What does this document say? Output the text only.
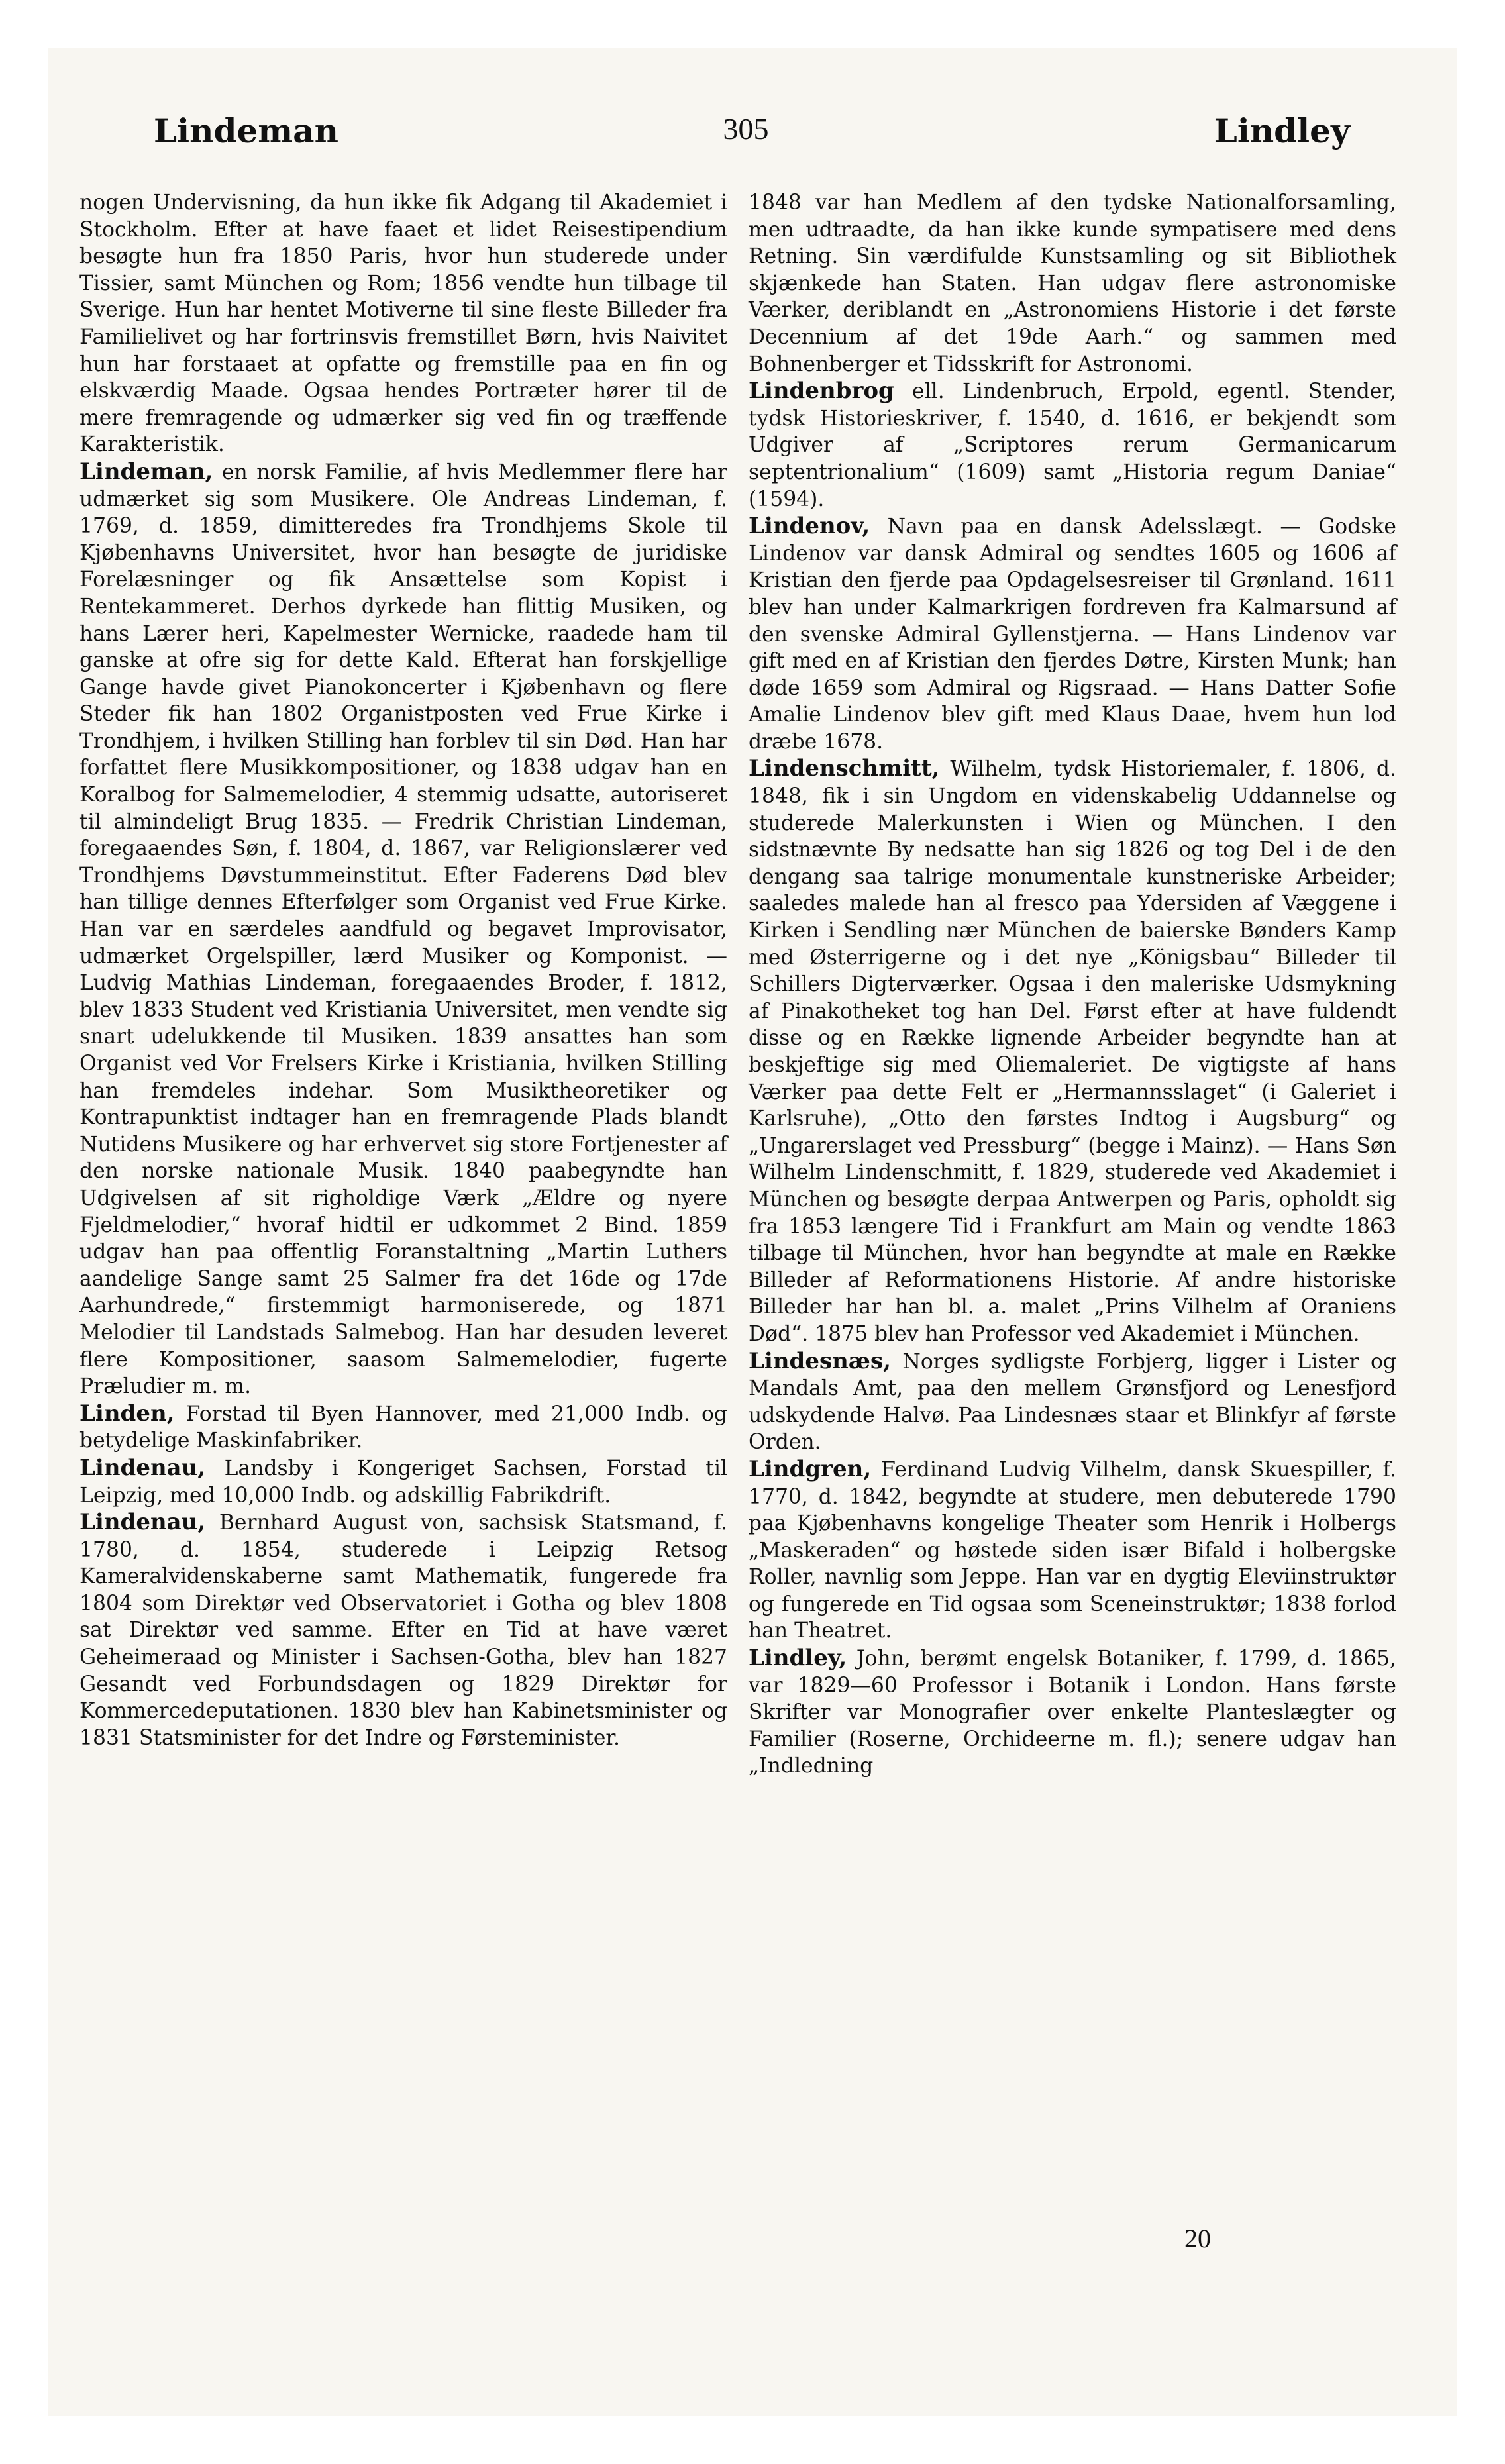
Lindeman	305	Lindley

nogen Undervisning, da hun ikke fik Adgang til Akademiet i Stockholm. Efter at have faaet et lidet Reisestipendium besøgte hun fra 1850 Paris, hvor hun studerede under Tissier, samt München og Rom; 1856 vendte hun tilbage til Sverige. Hun har hentet Motiverne til sine fleste Billeder fra Familielivet og har fortrinsvis fremstillet Børn, hvis Naivitet hun har forstaaet at opfatte og fremstille paa en fin og elskværdig Maade. Ogsaa hendes Portræter hører til de mere fremragende og udmærker sig ved fin og træffende Karakteristik.

Lindeman, en norsk Familie, af hvis Medlemmer flere har udmærket sig som Musikere. Ole Andreas Lindeman, f. 1769, d. 1859, dimitteredes fra Trondhjems Skole til Kjøbenhavns Universitet, hvor han besøgte de juridiske Forelæsninger og fik Ansættelse som Kopist i Rentekammeret. Derhos dyrkede han flittig Musiken, og hans Lærer heri, Kapelmester Wernicke, raadede ham til ganske at ofre sig for dette Kald. Efterat han forskjellige Gange havde givet Pianokoncerter i Kjøbenhavn og flere Steder fik han 1802 Organistposten ved Frue Kirke i Trondhjem, i hvilken Stilling han forblev til sin Død. Han har forfattet flere Musikkompositioner, og 1838 udgav han en Koralbog for Salmemelodier, 4 stemmig udsatte, autoriseret til almindeligt Brug 1835. — Fredrik Christian Lindeman, foregaaendes Søn, f. 1804, d. 1867, var Religionslærer ved Trondhjems Døvstummeinstitut. Efter Faderens Død blev han tillige dennes Efterfølger som Organist ved Frue Kirke. Han var en særdeles aandfuld og begavet Improvisator, udmærket Orgelspiller, lærd Musiker og Komponist. — Ludvig Mathias Lindeman, foregaaendes Broder, f. 1812, blev 1833 Student ved Kristiania Universitet, men vendte sig snart udelukkende til Musiken. 1839 ansattes han som Organist ved Vor Frelsers Kirke i Kristiania, hvilken Stilling han fremdeles indehar. Som Musiktheoretiker og Kontrapunktist indtager han en fremragende Plads blandt Nutidens Musikere og har erhvervet sig store Fortjenester af den norske nationale Musik. 1840 paabegyndte han Udgivelsen af sit righoldige Værk „Ældre og nyere Fjeldmelodier,“ hvoraf hidtil er udkommet 2 Bind. 1859 udgav han paa offentlig Foranstaltning „Martin Luthers aandelige Sange samt 25 Salmer fra det 16de og 17de Aarhundrede,“ firstemmigt harmoniserede, og 1871 Melodier til Landstads Salmebog. Han har desuden leveret flere Kompositioner, saasom Salmemelodier, fugerte Præludier m. m.

Linden, Forstad til Byen Hannover, med 21,000 Indb. og betydelige Maskinfabriker.

Lindenau, Landsby i Kongeriget Sachsen, Forstad til Leipzig, med 10,000 Indb. og adskillig Fabrikdrift.

Lindenau, Bernhard August von, sachsisk Statsmand, f. 1780, d. 1854, studerede i Leipzig Retsog Kameralvidenskaberne samt Mathematik, fungerede fra 1804 som Direktør ved Observatoriet i Gotha og blev 1808 sat Direktør ved samme. Efter en Tid at have været Geheimeraad og Minister i Sachsen-Gotha, blev han 1827 Gesandt ved Forbundsdagen og 1829 Direktør for Kommercedeputationen. 1830 blev han Kabinetsminister og 1831 Statsminister for det Indre og Førsteminister.

1848 var han Medlem af den tydske Nationalforsamling, men udtraadte, da han ikke kunde sympatisere med dens Retning. Sin værdifulde Kunstsamling og sit Bibliothek skjænkede han Staten. Han udgav flere astronomiske Værker, deriblandt en „Astronomiens Historie i det første Decennium af det 19de Aarh.“ og sammen med Bohnenberger et Tidsskrift for Astronomi.

Lindenbrog ell. Lindenbruch, Erpold, egentl. Stender, tydsk Historieskriver, f. 1540, d. 1616, er bekjendt som Udgiver af „Scriptores rerum Germanicarum septentrionalium“ (1609) samt „Historia regum Daniae“ (1594).

Lindenov, Navn paa en dansk Adelsslægt. — Godske Lindenov var dansk Admiral og sendtes 1605 og 1606 af Kristian den fjerde paa Opdagelsesreiser til Grønland. 1611 blev han under Kalmarkrigen fordreven fra Kalmarsund af den svenske Admiral Gyllenstjerna. — Hans Lindenov var gift med en af Kristian den fjerdes Døtre, Kirsten Munk; han døde 1659 som Admiral og Rigsraad. — Hans Datter Sofie Amalie Lindenov blev gift med Klaus Daae, hvem hun lod dræbe 1678.

Lindenschmitt, Wilhelm, tydsk Historiemaler, f. 1806, d. 1848, fik i sin Ungdom en videnskabelig Uddannelse og studerede Malerkunsten i Wien og München. I den sidstnævnte By nedsatte han sig 1826 og tog Del i de den dengang saa talrige monumentale kunstneriske Arbeider; saaledes malede han al fresco paa Ydersiden af Væggene i Kirken i Sendling nær München de baierske Bønders Kamp med Østerrigerne og i det nye „Königsbau“ Billeder til Schillers Digterværker. Ogsaa i den maleriske Udsmykning af Pinakotheket tog han Del. Først efter at have fuldendt disse og en Række lignende Arbeider begyndte han at beskjeftige sig med Oliemaleriet. De vigtigste af hans Værker paa dette Felt er „Hermannsslaget“ (i Galeriet i Karlsruhe), „Otto den førstes Indtog i Augsburg“ og „Ungarerslaget ved Pressburg“ (begge i Mainz). — Hans Søn Wilhelm Lindenschmitt, f. 1829, studerede ved Akademiet i München og besøgte derpaa Antwerpen og Paris, opholdt sig fra 1853 længere Tid i Frankfurt am Main og vendte 1863 tilbage til München, hvor han begyndte at male en Række Billeder af Reformationens Historie. Af andre historiske Billeder har han bl. a. malet „Prins Vilhelm af Oraniens Død“. 1875 blev han Professor ved Akademiet i München.

Lindesnæs, Norges sydligste Forbjerg, ligger i Lister og Mandals Amt, paa den mellem Grønsfjord og Lenesfjord udskydende Halvø. Paa Lindesnæs staar et Blinkfyr af første Orden.

Lindgren, Ferdinand Ludvig Vilhelm, dansk Skuespiller, f. 1770, d. 1842, begyndte at studere, men debuterede 1790 paa Kjøbenhavns kongelige Theater som Henrik i Holbergs „Maskeraden“ og høstede siden især Bifald i holbergske Roller, navnlig som Jeppe. Han var en dygtig Eleviinstruktør og fungerede en Tid ogsaa som Sceneinstruktør; 1838 forlod han Theatret.

Lindley, John, berømt engelsk Botaniker, f. 1799, d. 1865, var 1829—60 Professor i Botanik i London. Hans første Skrifter var Monografier over enkelte Planteslægter og Familier (Roserne, Orchideerne m. fl.); senere udgav han „Indledning

20
